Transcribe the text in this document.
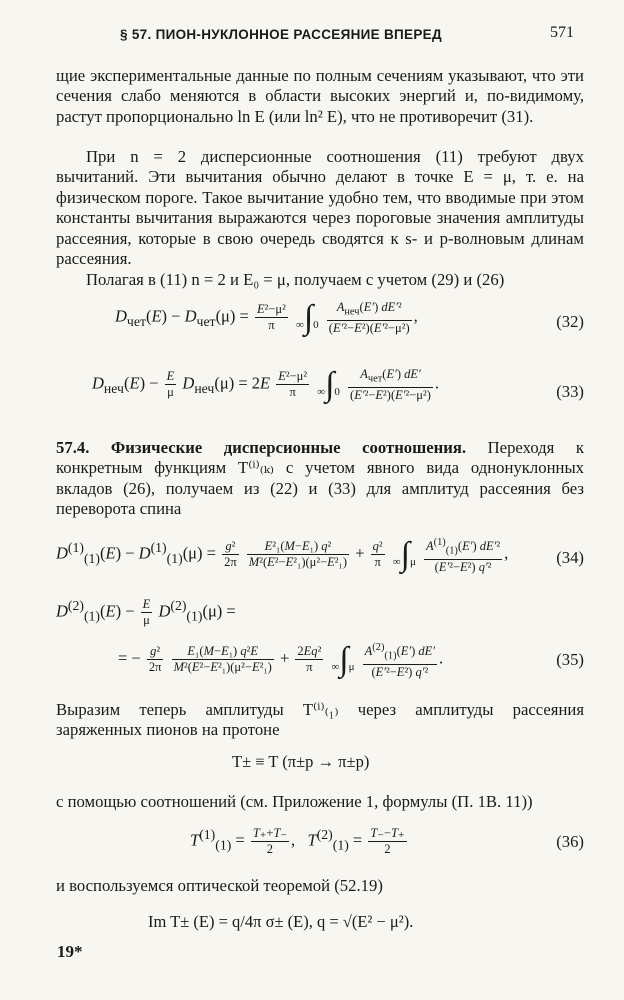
§ 57. ПИОН-НУКЛОННОЕ РАССЕЯНИЕ ВПЕРЕД	571
щие экспериментальные данные по полным сечениям указывают, что эти сечения слабо меняются в области высоких энергий и, по-видимому, растут пропорционально ln E (или ln² E), что не противоречит (31).
При n = 2 дисперсионные соотношения (11) требуют двух вычитаний. Эти вычитания обычно делают в точке E = μ, т. е. на физическом пороге. Такое вычитание удобно тем, что вводимые при этом константы вычитания выражаются через пороговые значения амплитуды рассеяния, которые в свою очередь сводятся к s- и p-волновым длинам рассеяния.
Полагая в (11) n = 2 и E₀ = μ, получаем с учетом (29) и (26)
$D_{чет}(E) - D_{чет}(\mu) = \frac{\text{E²−μ²}}{\pi} \infty\int 0 \frac{A_{неч}(E') dE'^2}{\text{(E′²−E²)(E′²−μ²)}}$ ,	(32)
$D_{неч}(E) - \frac{E}{\mu} D_{неч}(\mu) = 2E \frac{\text{E²−μ²}}{\pi} \infty\int 0 \frac{A_{чет}(E') dE'}{\text{(E′²−E²)(E′²−μ²)}}$ .	(33)
57.4. Физические дисперсионные соотношения. Переходя к конкретным функциям T⁽ⁱ⁾₍ₖ₎ с учетом явного вида однонуклонных вкладов (26), получаем из (22) и (33) для амплитуд рассеяния без переворота спина
$D^{(1)}_{(1)}(E) - D^{(1)}_{(1)}(\mu) = \frac{\text{g²}}{2\pi}$
$\frac{\text{E²₁(M−E₁) q²}}{\text{M²(E²−E²₁)(μ²−E²₁)}} + \frac{\text{q²}}{\pi} \infty\int\mu \frac{A^{(1)}_{(1)}(E') dE'^2}{\text{(E′²−E²) q′²}}$ ,	(34)
$D^{(2)}_{(1)}(E) - \frac{E}{\mu} D^{(2)}_{(1)}(\mu)$ =
= − $\frac{\text{g²}}{2\pi}$
$\frac{\text{E₁(M−E₁) q²E}}{\text{M²(E²−E²₁)(μ²−E²₁)}} + \frac{\text{2Eq²}}{\pi} \infty\int\mu \frac{A^{(2)}_{(1)}(E') dE'}{\text{(E′²−E²) q′²}}$ .	(35)
Выразим теперь амплитуды T⁽ⁱ⁾₍₁₎ через амплитуды рассеяния заряженных пионов на протоне
T± ≡ T (π±p → π±p)
с помощью соотношений (см. Приложение 1, формулы (П. 1В. 11))
$T^{(1)}_{(1)} = \frac{T_++T_-}{2}$ ,   $T^{(2)}_{(1)} = \frac{T_--T_+}{2}$	(36)
и воспользуемся оптической теоремой (52.19)
Im T± (E) = q/4π σ± (E), q = √(E² − μ²).
19*
